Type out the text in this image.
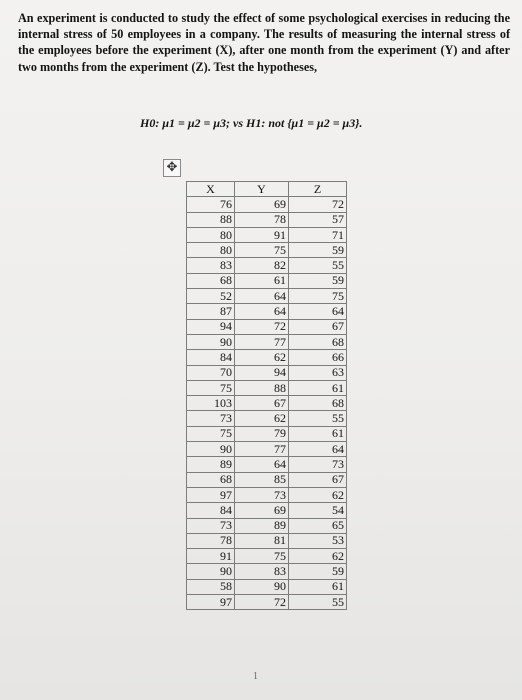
An experiment is conducted to study the effect of some psychological exercises in reducing the internal stress of 50 employees in a company. The results of measuring the internal stress of the employees before the experiment (X), after one month from the experiment (Y) and after two months from the experiment (Z). Test the hypotheses,

H0: μ1 = μ2 = μ3; vs H1: not {μ1 = μ2 = μ3}.

✥
X	Y	Z
76	69	72
88	78	57
80	91	71
80	75	59
83	82	55
68	61	59
52	64	75
87	64	64
94	72	67
90	77	68
84	62	66
70	94	63
75	88	61
103	67	68
73	62	55
75	79	61
90	77	64
89	64	73
68	85	67
97	73	62
84	69	54
73	89	65
78	81	53
91	75	62
90	83	59
58	90	61
97	72	55
1
